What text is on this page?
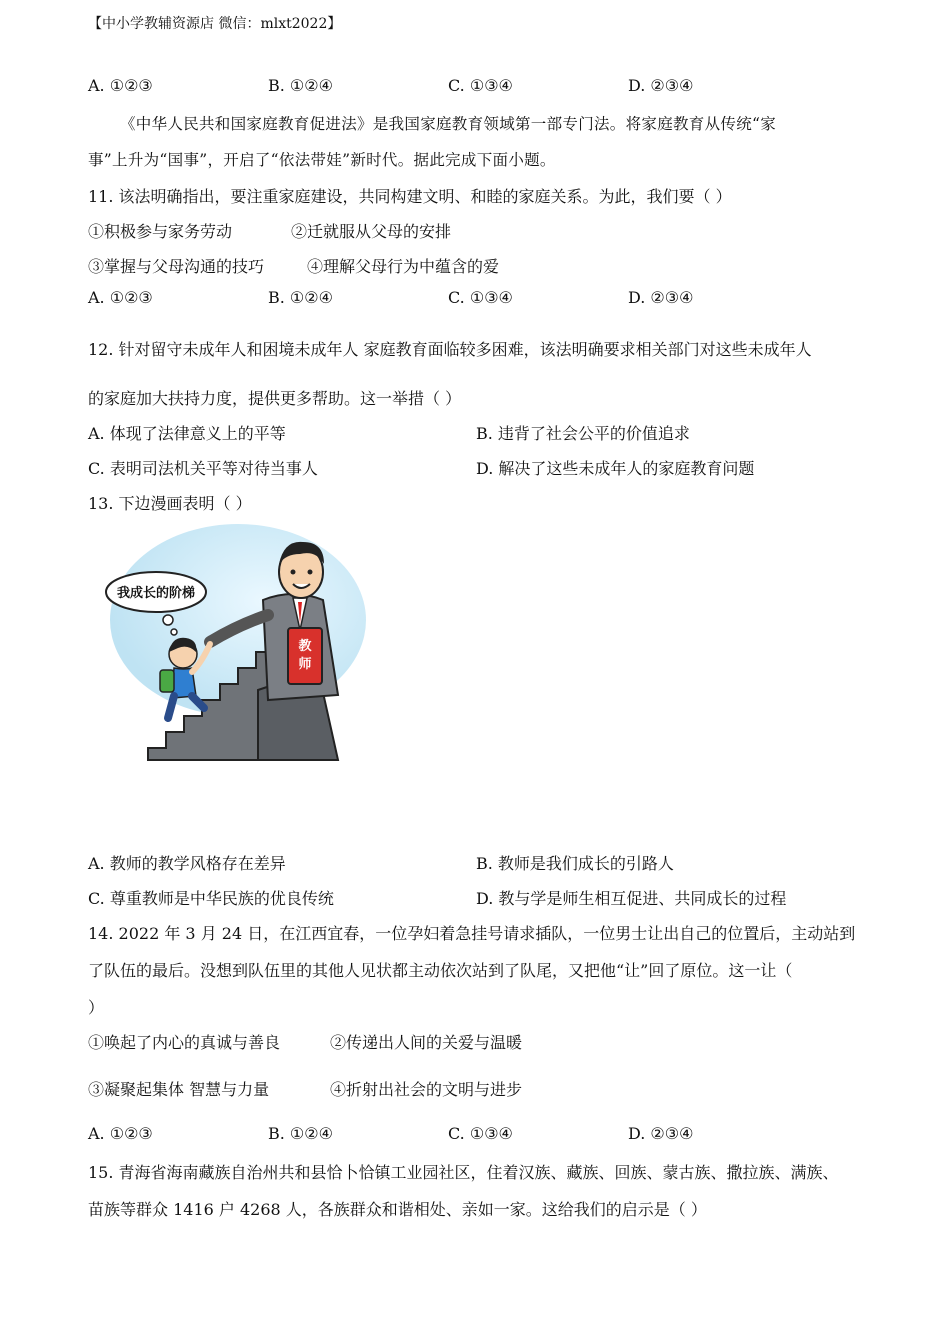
【中小学教辅资源店 微信：mlxt2022】
A. ①②③	B. ①②④	C. ①③④	D. ②③④
《中华人民共和国家庭教育促进法》是我国家庭教育领域第一部专门法。将家庭教育从传统“家
事”上升为“国事”，开启了“依法带娃”新时代。据此完成下面小题。
11. 该法明确指出，要注重家庭建设，共同构建文明、和睦的家庭关系。为此，我们要（ ）
①积极参与家务劳动	②迁就服从父母的安排
③掌握与父母沟通的技巧	④理解父母行为中蕴含的爱
A. ①②③	B. ①②④	C. ①③④	D. ②③④
12. 针对留守未成年人和困境未成年人 家庭教育面临较多困难，该法明确要求相关部门对这些未成年人
的家庭加大扶持力度，提供更多帮助。这一举措（ ）
A. 体现了法律意义上的平等	B. 违背了社会公平的价值追求
C. 表明司法机关平等对待当事人	D. 解决了这些未成年人的家庭教育问题
13. 下边漫画表明（ ）
教
师
我成长的阶梯
A. 教师的教学风格存在差异	B. 教师是我们成长的引路人
C. 尊重教师是中华民族的优良传统	D. 教与学是师生相互促进、共同成长的过程
14. 2022 年 3 月 24 日，在江西宜春，一位孕妇着急挂号请求插队，一位男士让出自己的位置后，主动站到
了队伍的最后。没想到队伍里的其他人见状都主动依次站到了队尾，又把他“让”回了原位。这一让（
）
①唤起了内心的真诚与善良	②传递出人间的关爱与温暖
③凝聚起集体 智慧与力量	④折射出社会的文明与进步
A. ①②③	B. ①②④	C. ①③④	D. ②③④
15. 青海省海南藏族自治州共和县恰卜恰镇工业园社区，住着汉族、藏族、回族、蒙古族、撒拉族、满族、
苗族等群众 1416 户 4268 人，各族群众和谐相处、亲如一家。这给我们的启示是（ ）
